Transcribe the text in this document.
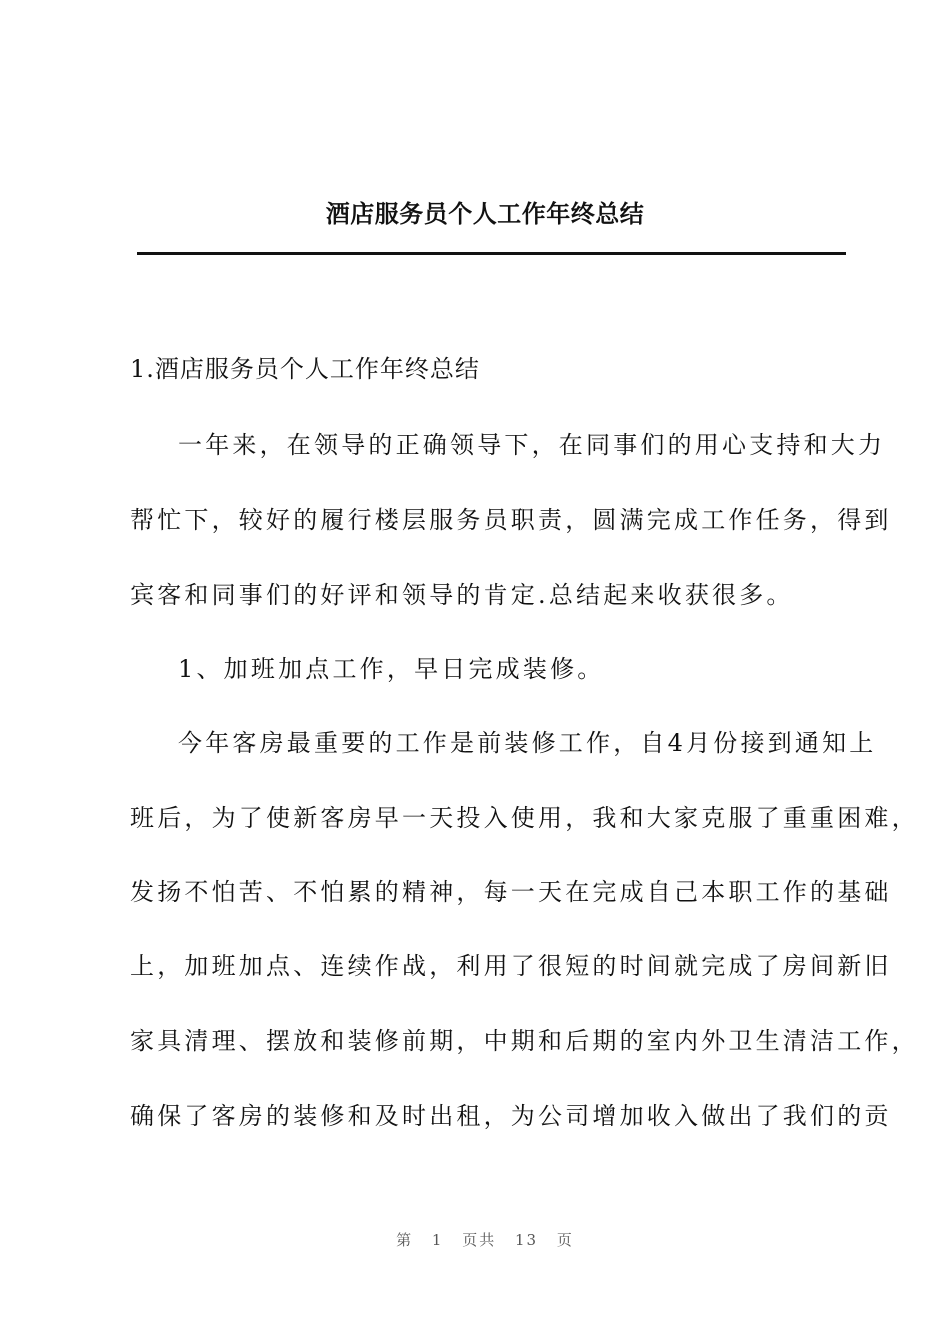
酒店服务员个人工作年终总结
1.酒店服务员个人工作年终总结
一年来，在领导的正确领导下，在同事们的用心支持和大力
帮忙下，较好的履行楼层服务员职责，圆满完成工作任务，得到
宾客和同事们的好评和领导的肯定.总结起来收获很多。
1、加班加点工作，早日完成装修。
今年客房最重要的工作是前装修工作，自4月份接到通知上
班后，为了使新客房早一天投入使用，我和大家克服了重重困难，
发扬不怕苦、不怕累的精神，每一天在完成自己本职工作的基础
上，加班加点、连续作战，利用了很短的时间就完成了房间新旧
家具清理、摆放和装修前期，中期和后期的室内外卫生清洁工作，
确保了客房的装修和及时出租，为公司增加收入做出了我们的贡
第 1 页共 13 页
